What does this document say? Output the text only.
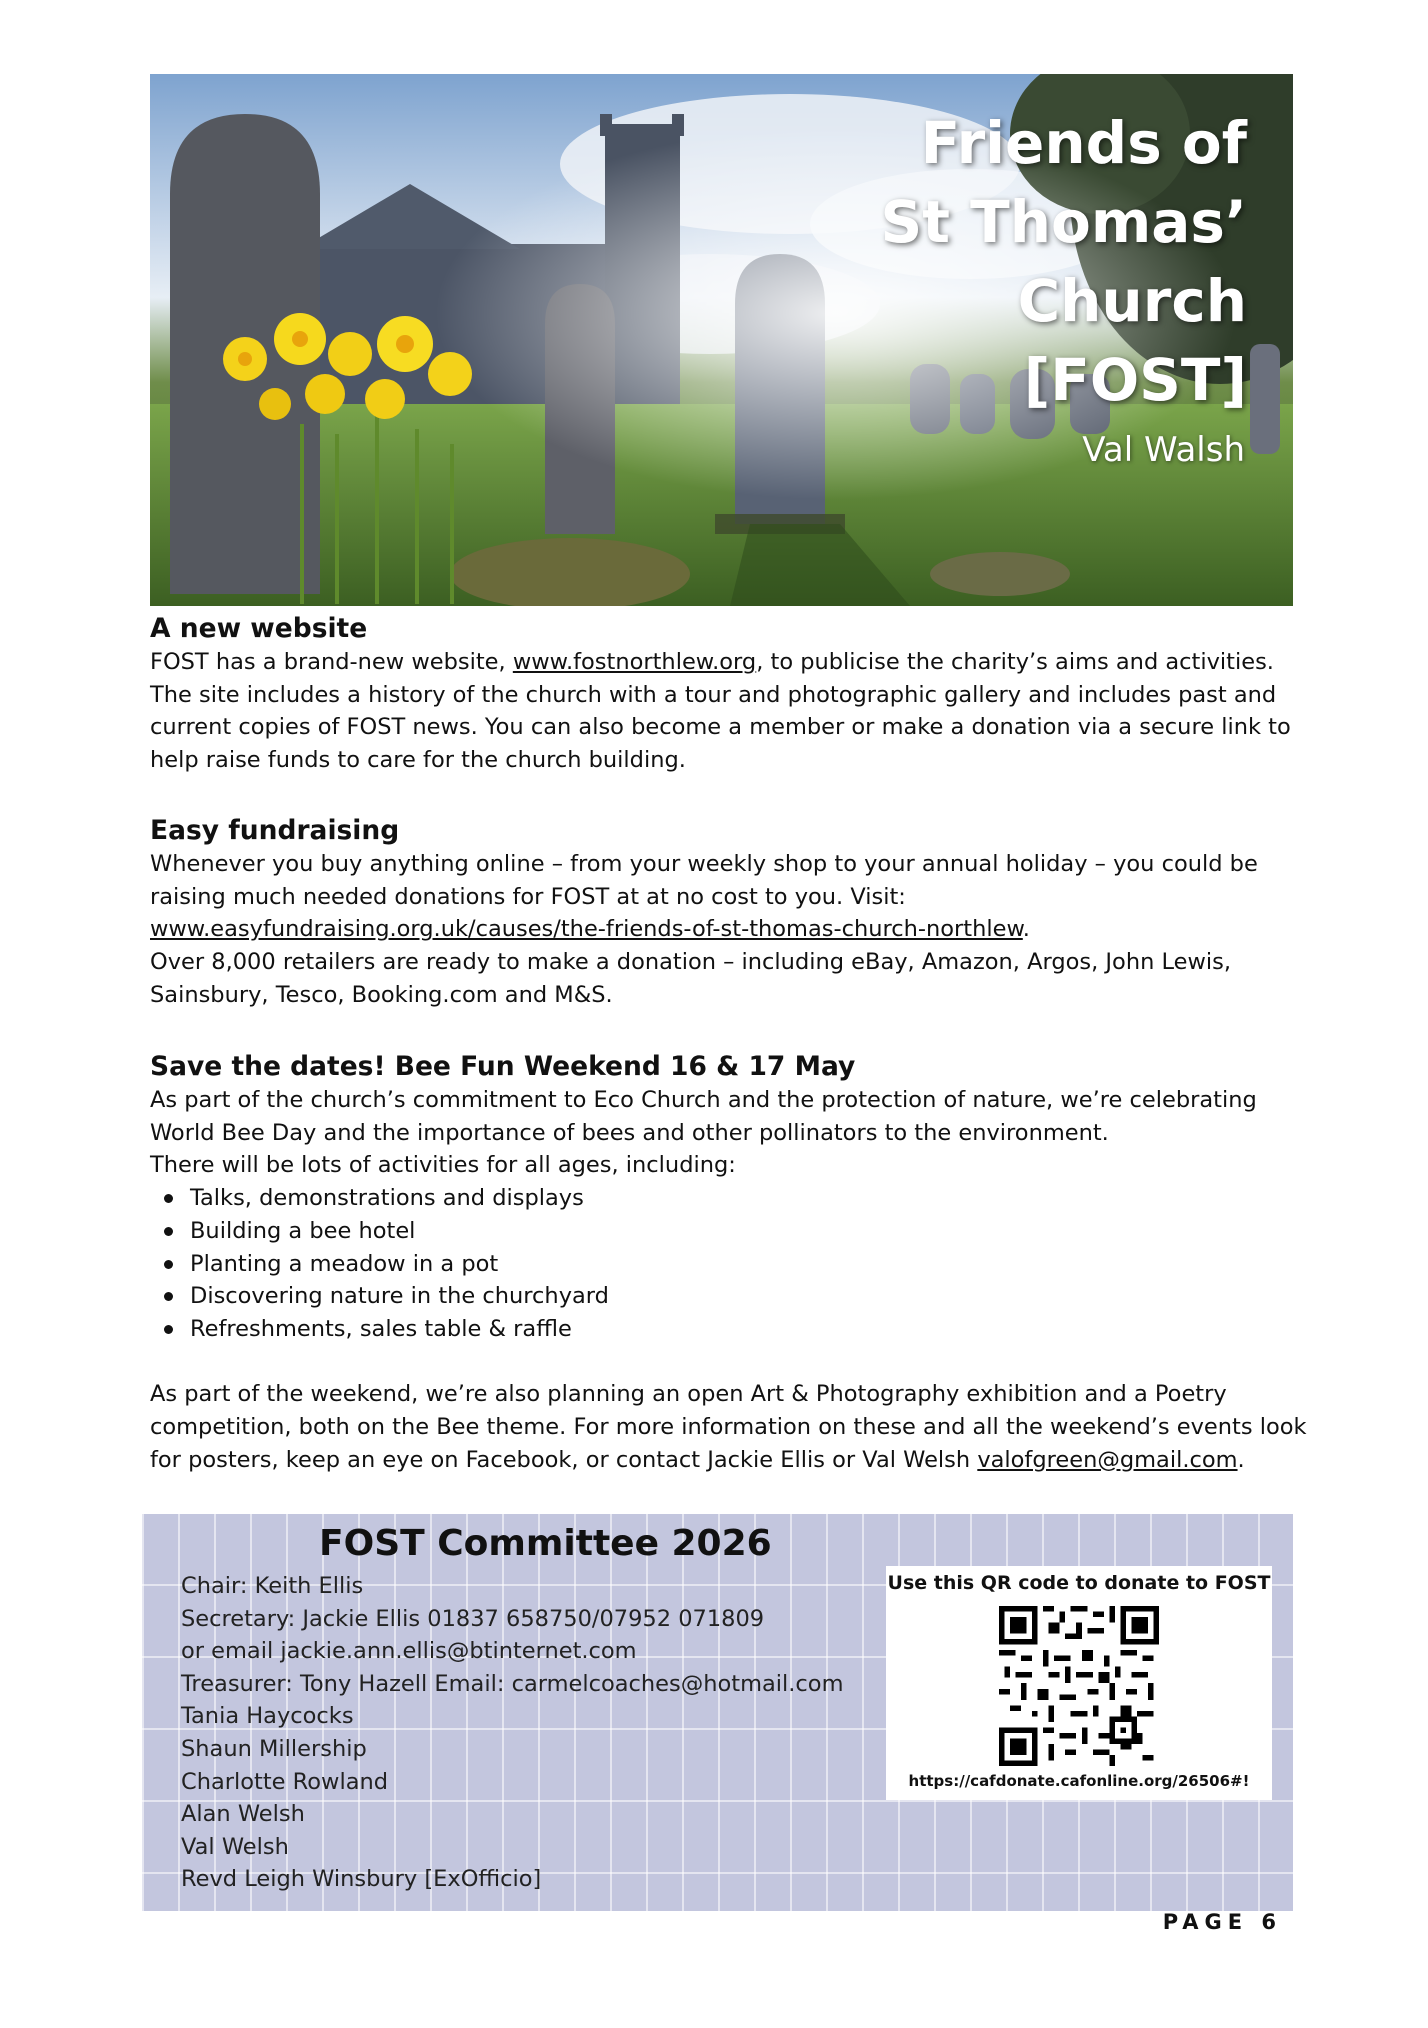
Friends of
St Thomas’
Church
[FOST]
Val Walsh
A new website

FOST has a brand-new website, www.fostnorthlew.org, to publicise the charity’s aims and activities. The site includes a history of the church with a tour and photographic gallery and includes past and current copies of FOST news. You can also become a member or make a donation via a secure link to help raise funds to care for the church building.

Easy fundraising

Whenever you buy anything online – from your weekly shop to your annual holiday – you could be raising much needed donations for FOST at at no cost to you. Visit:

www.easyfundraising.org.uk/causes/the-friends-of-st-thomas-church-northlew.

Over 8,000 retailers are ready to make a donation – including eBay, Amazon, Argos, John Lewis, Sainsbury, Tesco, Booking.com and M&S.

Save the dates! Bee Fun Weekend 16 & 17 May

As part of the church’s commitment to Eco Church and the protection of nature, we’re celebrating World Bee Day and the importance of bees and other pollinators to the environment.

There will be lots of activities for all ages, including:

Talks, demonstrations and displays
Building a bee hotel
Planting a meadow in a pot
Discovering nature in the churchyard
Refreshments, sales table & raffle

As part of the weekend, we’re also planning an open Art & Photography exhibition and a Poetry competition, both on the Bee theme. For more information on these and all the weekend’s events look for posters, keep an eye on Facebook, or contact Jackie Ellis or Val Welsh valofgreen@gmail.com.

FOST Committee 2026
Chair: Keith Ellis
Secretary: Jackie Ellis 01837 658750/07952 071809
or email jackie.ann.ellis@btinternet.com
Treasurer: Tony Hazell Email: carmelcoaches@hotmail.com
Tania Haycocks
Shaun Millership
Charlotte Rowland
Alan Welsh
Val Welsh
Revd Leigh Winsbury [ExOfficio]
Use this QR code to donate to FOST
https://cafdonate.cafonline.org/26506#!
PAGE 6
